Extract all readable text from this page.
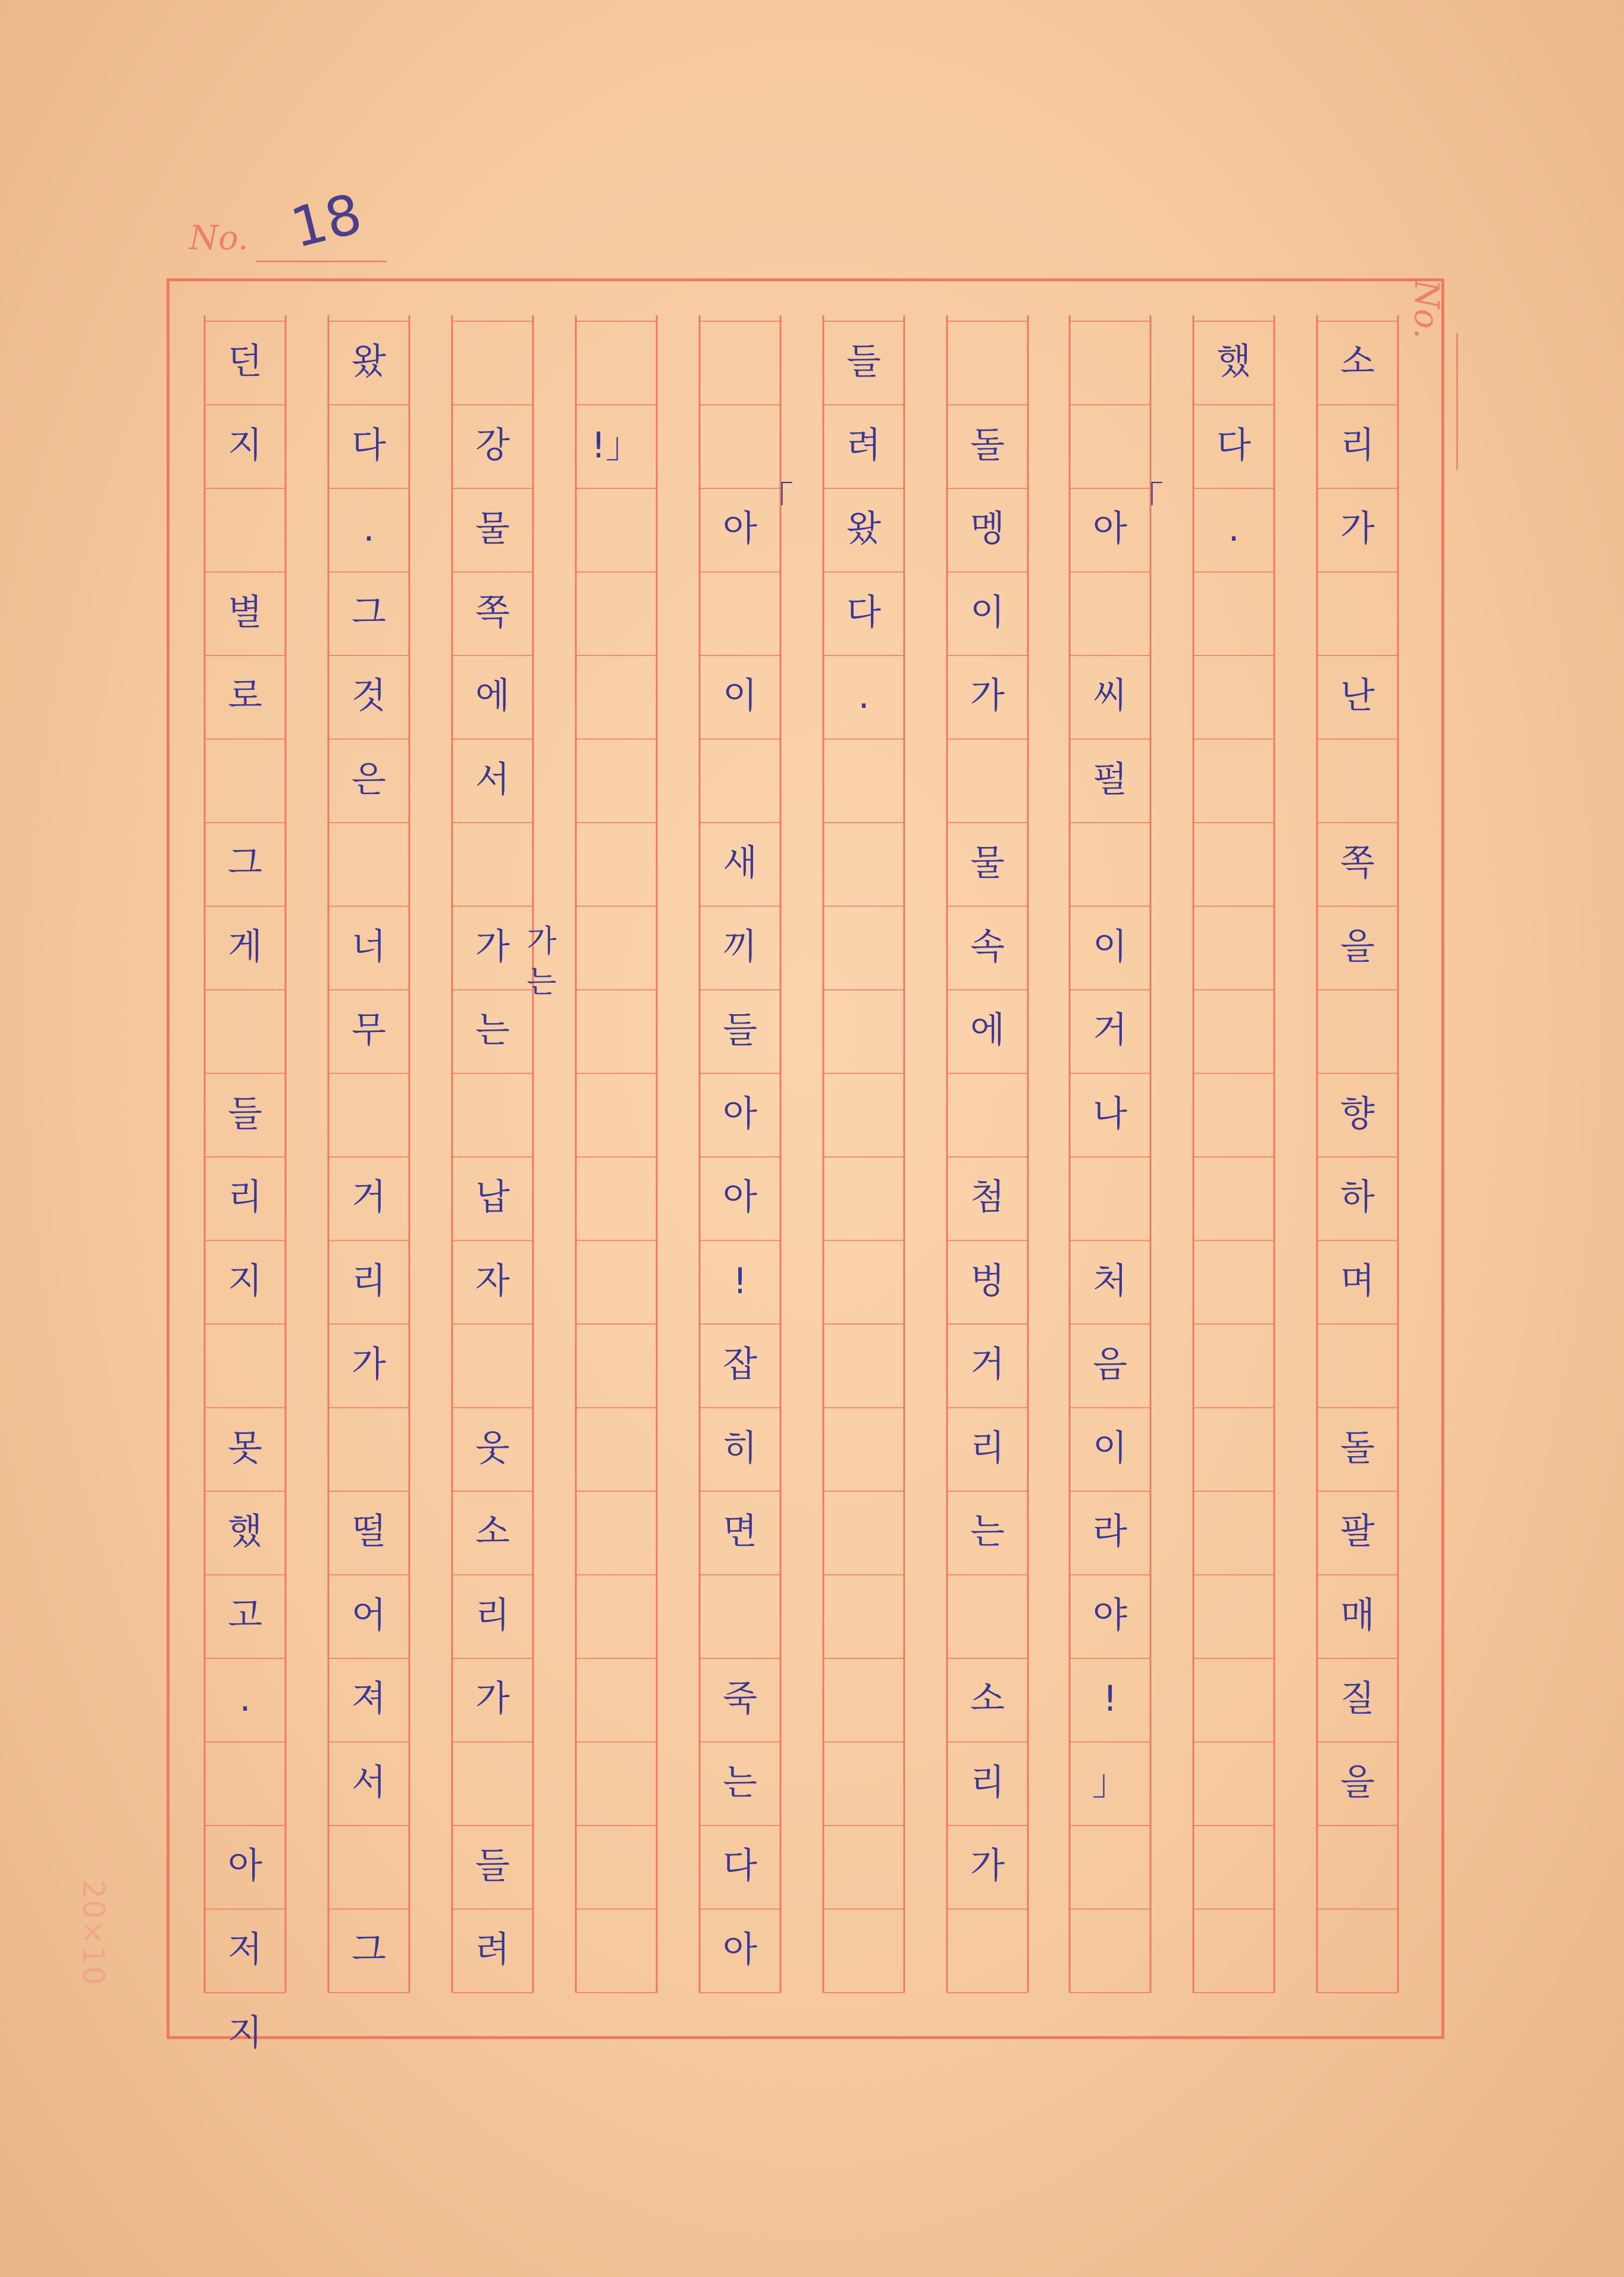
No. 18
No.
소
리
가
난
쪽
을
향
하
며
돌
팔
매
질
을
했
다
.
아
씨
펄
이
거
나
처
음
이
라
야
!
」
「
돌
멩
이
가
물
속
에
첨
벙
거
리
는
소
리
가
들
려
왔
다
.
아
이
새
끼
들
아
아
!
잡
히
면
죽
는
다
아
「
!」
강
물
쪽
에
서
가
는
납
자
웃
소
리
가
들
려
가 는
왔
다
.
그
것
은
너
무
거
리
가
떨
어
져
서
그
던
지
별
로
그
게
들
리
지
못
했
고
.
아
저
지
20×10
